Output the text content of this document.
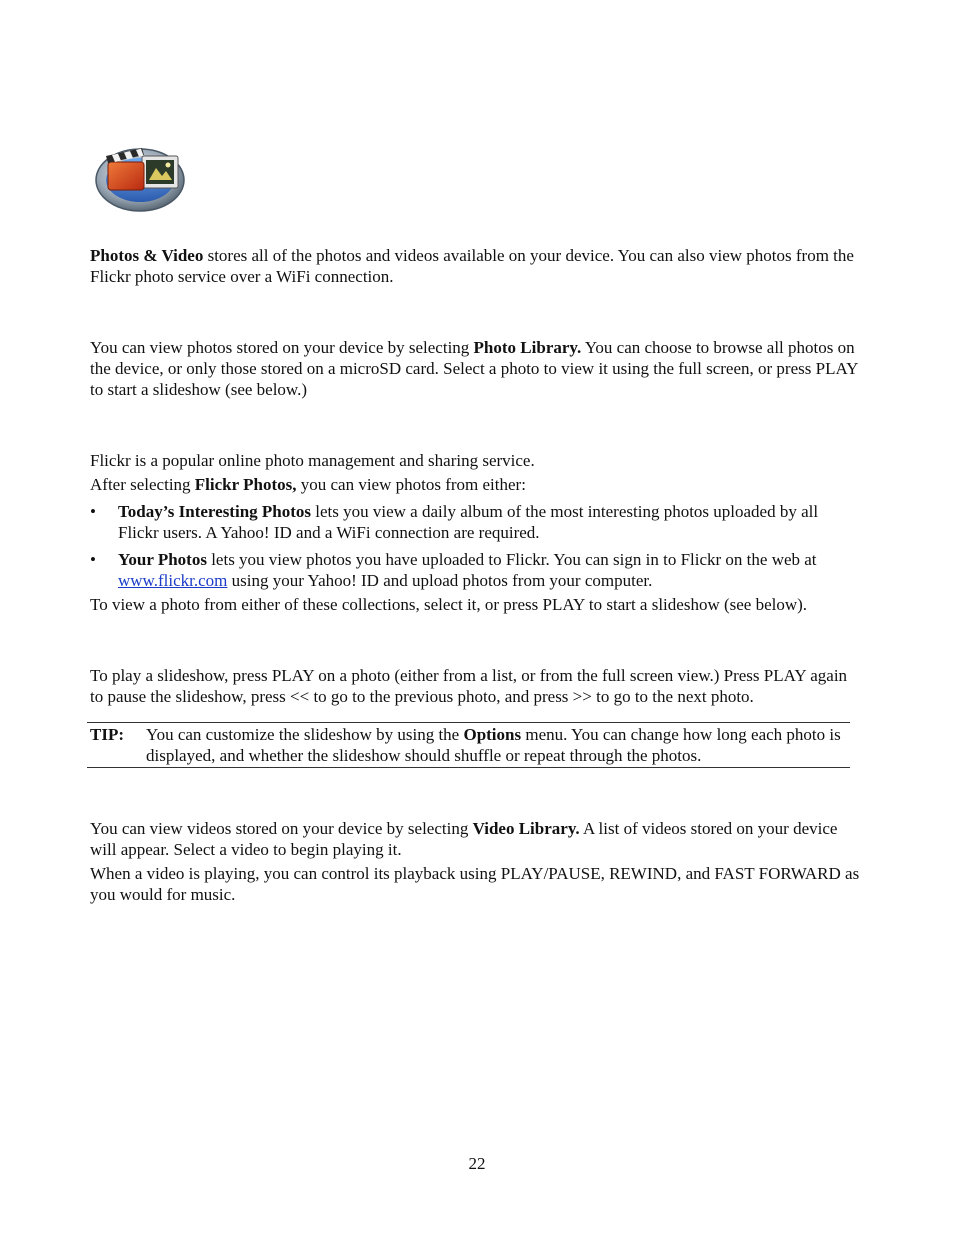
Photos & Video stores all of the photos and videos available on your device. You can also view photos from the Flickr photo service over a WiFi connection.

You can view photos stored on your device by selecting Photo Library. You can choose to browse all photos on the device, or only those stored on a microSD card. Select a photo to view it using the full screen, or press PLAY to start a slideshow (see below.)

Flickr is a popular online photo management and sharing service.

After selecting Flickr Photos, you can view photos from either:

• Today’s Interesting Photos lets you view a daily album of the most interesting photos uploaded by all Flickr users. A Yahoo! ID and a WiFi connection are required.
• Your Photos lets you view photos you have uploaded to Flickr. You can sign in to Flickr on the web at www.flickr.com using your Yahoo! ID and upload photos from your computer.

To view a photo from either of these collections, select it, or press PLAY to start a slideshow (see below).

To play a slideshow, press PLAY on a photo (either from a list, or from the full screen view.) Press PLAY again to pause the slideshow, press << to go to the previous photo, and press >> to go to the next photo.

TIP: You can customize the slideshow by using the Options menu. You can change how long each photo is displayed, and whether the slideshow should shuffle or repeat through the photos.

You can view videos stored on your device by selecting Video Library. A list of videos stored on your device will appear. Select a video to begin playing it.

When a video is playing, you can control its playback using PLAY/PAUSE, REWIND, and FAST FORWARD as you would for music.

22
